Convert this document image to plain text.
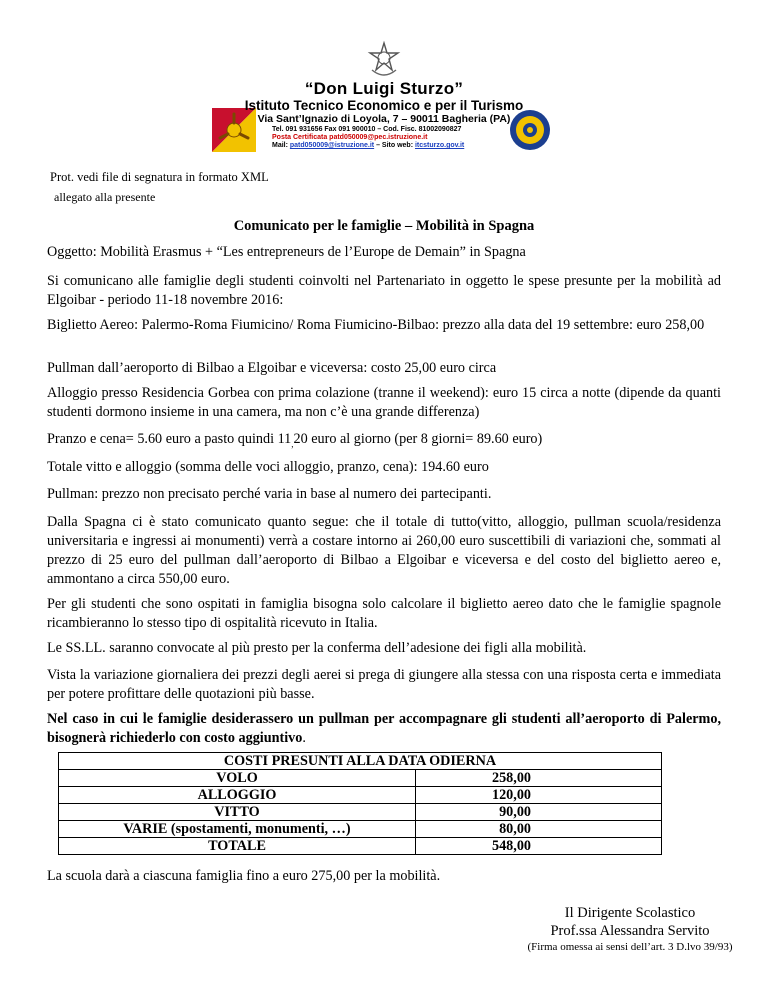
“Don Luigi Sturzo”
Istituto Tecnico Economico e per il Turismo
Via Sant’Ignazio di Loyola, 7 – 90011 Bagheria (PA)
Tel. 091 931656 Fax 091 900010 – Cod. Fisc. 81002090827
Posta Certificata patd050009@pec.istruzione.it
Mail: patd050009@istruzione.it – Sito web: itcsturzo.gov.it
Prot. vedi file di segnatura in formato XML
allegato alla presente
Comunicato per le famiglie – Mobilità in Spagna
Oggetto: Mobilità Erasmus + “Les entrepreneurs de l’Europe de Demain” in Spagna
Si comunicano alle famiglie degli studenti coinvolti nel Partenariato in oggetto le spese presunte per la mobilità ad Elgoibar - periodo 11-18 novembre 2016:
Biglietto Aereo: Palermo-Roma Fiumicino/ Roma Fiumicino-Bilbao: prezzo alla data del 19 settembre: euro 258,00
Pullman dall’aeroporto di Bilbao a Elgoibar e viceversa: costo 25,00 euro circa
Alloggio presso Residencia Gorbea con prima colazione (tranne il weekend): euro 15 circa a notte (dipende da quanti studenti dormono insieme in una camera, ma non c’è una grande differenza)
Pranzo e cena= 5.60 euro a pasto quindi $11_,20$ euro al giorno (per 8 giorni= 89.60 euro)
Totale vitto e alloggio (somma delle voci alloggio, pranzo, cena): 194.60 euro
Pullman: prezzo non precisato perché varia in base al numero dei partecipanti.
Dalla Spagna ci è stato comunicato quanto segue: che il totale di tutto(vitto, alloggio, pullman scuola/residenza universitaria e ingressi ai monumenti) verrà a costare intorno ai 260,00 euro suscettibili di variazioni che, sommati al prezzo di 25 euro del pullman dall’aeroporto di Bilbao a Elgoibar e viceversa e del costo del biglietto aereo e, ammontano a circa 550,00 euro.
Per gli studenti che sono ospitati in famiglia bisogna solo calcolare il biglietto aereo dato che le famiglie spagnole ricambieranno lo stesso tipo di ospitalità ricevuto in Italia.
Le SS.LL. saranno convocate al più presto per la conferma dell’adesione dei figli alla mobilità.
Vista la variazione giornaliera dei prezzi degli aerei si prega di giungere alla stessa con una risposta certa e immediata per potere profittare delle quotazioni più basse.
Nel caso in cui le famiglie desiderassero un pullman per accompagnare gli studenti all’aeroporto di Palermo, bisognerà richiederlo con costo aggiuntivo.
COSTI PRESUNTI ALLA DATA ODIERNA	
VOLO	258,00
ALLOGGIO	120,00
VITTO	90,00
VARIE (spostamenti, monumenti, …)	80,00
TOTALE	548,00
La scuola darà a ciascuna famiglia fino a euro 275,00 per la mobilità.
Il Dirigente Scolastico
Prof.ssa Alessandra Servito
(Firma omessa ai sensi dell’art. 3 D.lvo 39/93)
